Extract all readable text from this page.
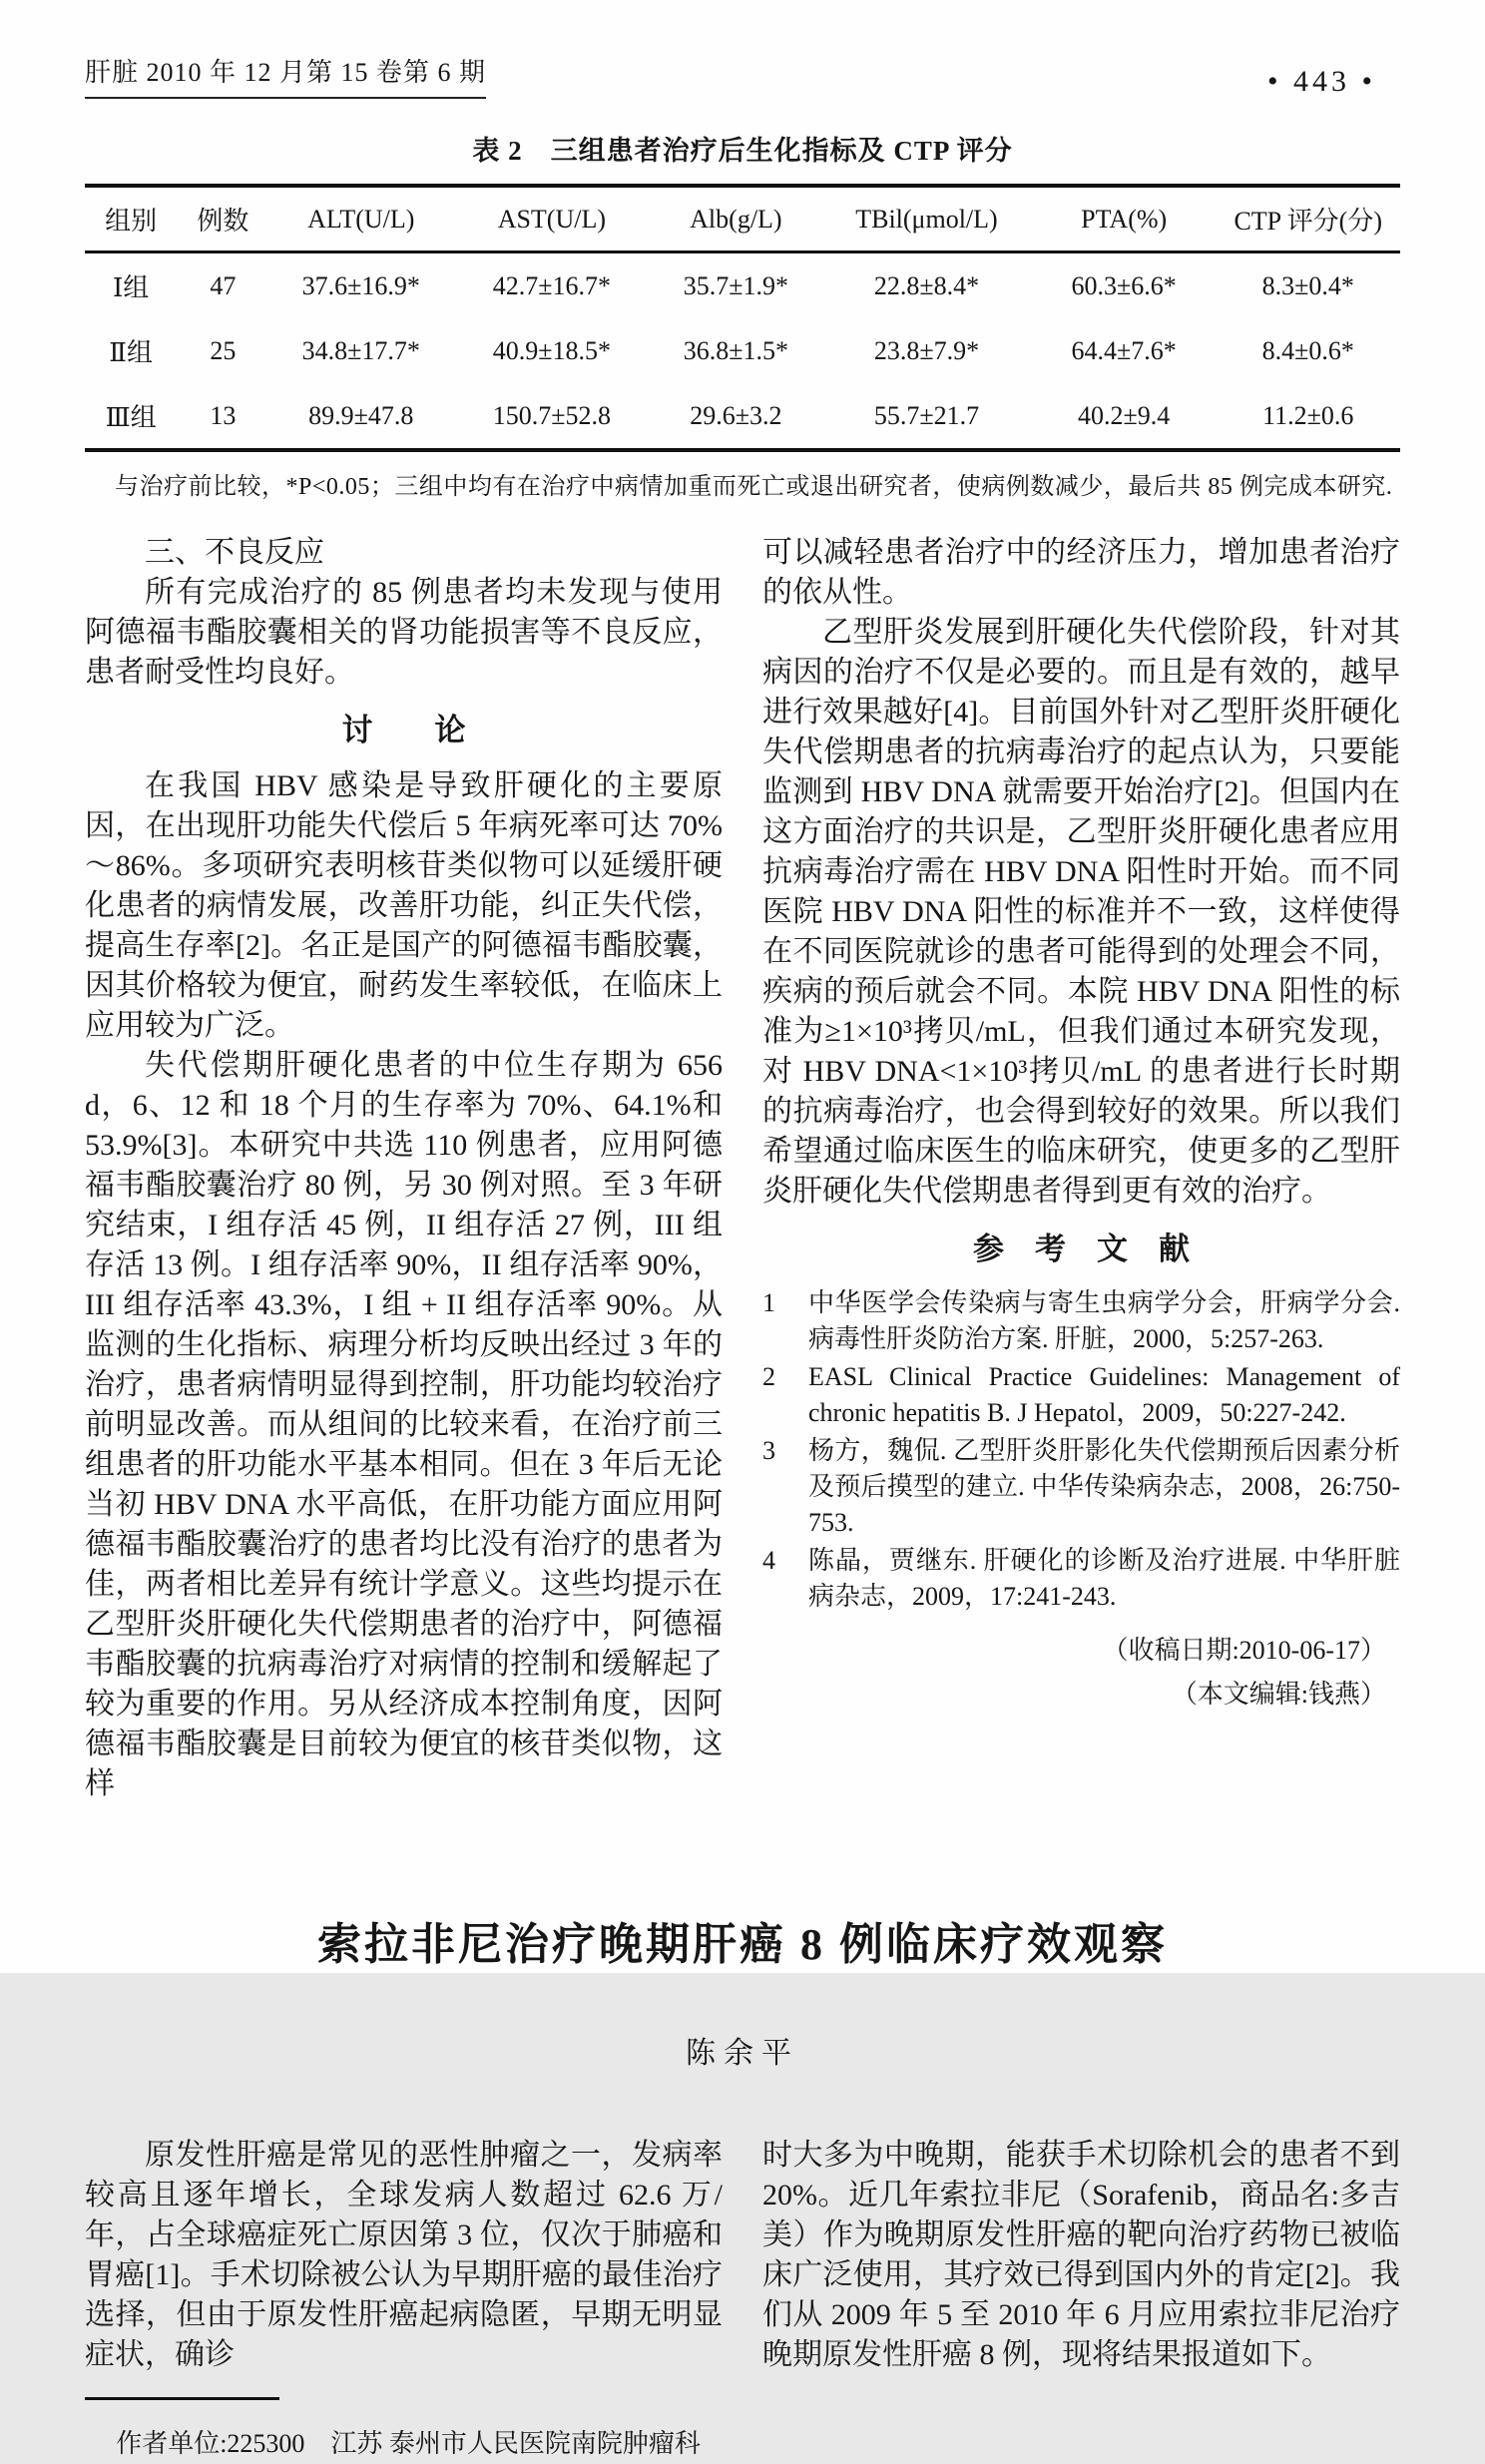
肝脏 2010 年 12 月第 15 卷第 6 期	• 443 •
表 2　三组患者治疗后生化指标及 CTP 评分
组别	例数	ALT(U/L)	AST(U/L)	Alb(g/L)	TBil(μmol/L)	PTA(%)	CTP 评分(分)
Ⅰ组	47	37.6±16.9*	42.7±16.7*	35.7±1.9*	22.8±8.4*	60.3±6.6*	8.3±0.4*
Ⅱ组	25	34.8±17.7*	40.9±18.5*	36.8±1.5*	23.8±7.9*	64.4±7.6*	8.4±0.6*
Ⅲ组	13	89.9±47.8	150.7±52.8	29.6±3.2	55.7±21.7	40.2±9.4	11.2±0.6
与治疗前比较，*P<0.05；三组中均有在治疗中病情加重而死亡或退出研究者，使病例数减少，最后共 85 例完成本研究.

三、不良反应

所有完成治疗的 85 例患者均未发现与使用阿德福韦酯胶囊相关的肾功能损害等不良反应，患者耐受性均良好。

讨　　论

在我国 HBV 感染是导致肝硬化的主要原因，在出现肝功能失代偿后 5 年病死率可达 70%～86%。多项研究表明核苷类似物可以延缓肝硬化患者的病情发展，改善肝功能，纠正失代偿，提高生存率[2]。名正是国产的阿德福韦酯胶囊，因其价格较为便宜，耐药发生率较低，在临床上应用较为广泛。

失代偿期肝硬化患者的中位生存期为 656 d，6、12 和 18 个月的生存率为 70%、64.1%和 53.9%[3]。本研究中共选 110 例患者，应用阿德福韦酯胶囊治疗 80 例，另 30 例对照。至 3 年研究结束，I 组存活 45 例，II 组存活 27 例，III 组存活 13 例。I 组存活率 90%，II 组存活率 90%，III 组存活率 43.3%，I 组 + II 组存活率 90%。从监测的生化指标、病理分析均反映出经过 3 年的治疗，患者病情明显得到控制，肝功能均较治疗前明显改善。而从组间的比较来看，在治疗前三组患者的肝功能水平基本相同。但在 3 年后无论当初 HBV DNA 水平高低，在肝功能方面应用阿德福韦酯胶囊治疗的患者均比没有治疗的患者为佳，两者相比差异有统计学意义。这些均提示在乙型肝炎肝硬化失代偿期患者的治疗中，阿德福韦酯胶囊的抗病毒治疗对病情的控制和缓解起了较为重要的作用。另从经济成本控制角度，因阿德福韦酯胶囊是目前较为便宜的核苷类似物，这样

可以减轻患者治疗中的经济压力，增加患者治疗的依从性。

乙型肝炎发展到肝硬化失代偿阶段，针对其病因的治疗不仅是必要的。而且是有效的，越早进行效果越好[4]。目前国外针对乙型肝炎肝硬化失代偿期患者的抗病毒治疗的起点认为，只要能监测到 HBV DNA 就需要开始治疗[2]。但国内在这方面治疗的共识是，乙型肝炎肝硬化患者应用抗病毒治疗需在 HBV DNA 阳性时开始。而不同医院 HBV DNA 阳性的标准并不一致，这样使得在不同医院就诊的患者可能得到的处理会不同，疾病的预后就会不同。本院 HBV DNA 阳性的标准为≥1×10³拷贝/mL，但我们通过本研究发现，对 HBV DNA<1×10³拷贝/mL 的患者进行长时期的抗病毒治疗，也会得到较好的效果。所以我们希望通过临床医生的临床研究，使更多的乙型肝炎肝硬化失代偿期患者得到更有效的治疗。

参　考　文　献
1	中华医学会传染病与寄生虫病学分会，肝病学分会. 病毒性肝炎防治方案. 肝脏，2000，5:257-263.
2	EASL Clinical Practice Guidelines: Management of chronic hepatitis B. J Hepatol，2009，50:227-242.
3	杨方，魏侃. 乙型肝炎肝影化失代偿期预后因素分析及预后摸型的建立. 中华传染病杂志，2008，26:750-753.
4	陈晶，贾继东. 肝硬化的诊断及治疗进展. 中华肝脏病杂志，2009，17:241-243.
（收稿日期:2010-06-17）
（本文编辑:钱燕）
索拉非尼治疗晚期肝癌 8 例临床疗效观察
陈余平

原发性肝癌是常见的恶性肿瘤之一，发病率较高且逐年增长，全球发病人数超过 62.6 万/年，占全球癌症死亡原因第 3 位，仅次于肺癌和胃癌[1]。手术切除被公认为早期肝癌的最佳治疗选择，但由于原发性肝癌起病隐匿，早期无明显症状，确诊

作者单位:225300　江苏 泰州市人民医院南院肿瘤科

时大多为中晚期，能获手术切除机会的患者不到 20%。近几年索拉非尼（Sorafenib，商品名:多吉美）作为晚期原发性肝癌的靶向治疗药物已被临床广泛使用，其疗效已得到国内外的肯定[2]。我们从 2009 年 5 至 2010 年 6 月应用索拉非尼治疗晚期原发性肝癌 8 例，现将结果报道如下。
